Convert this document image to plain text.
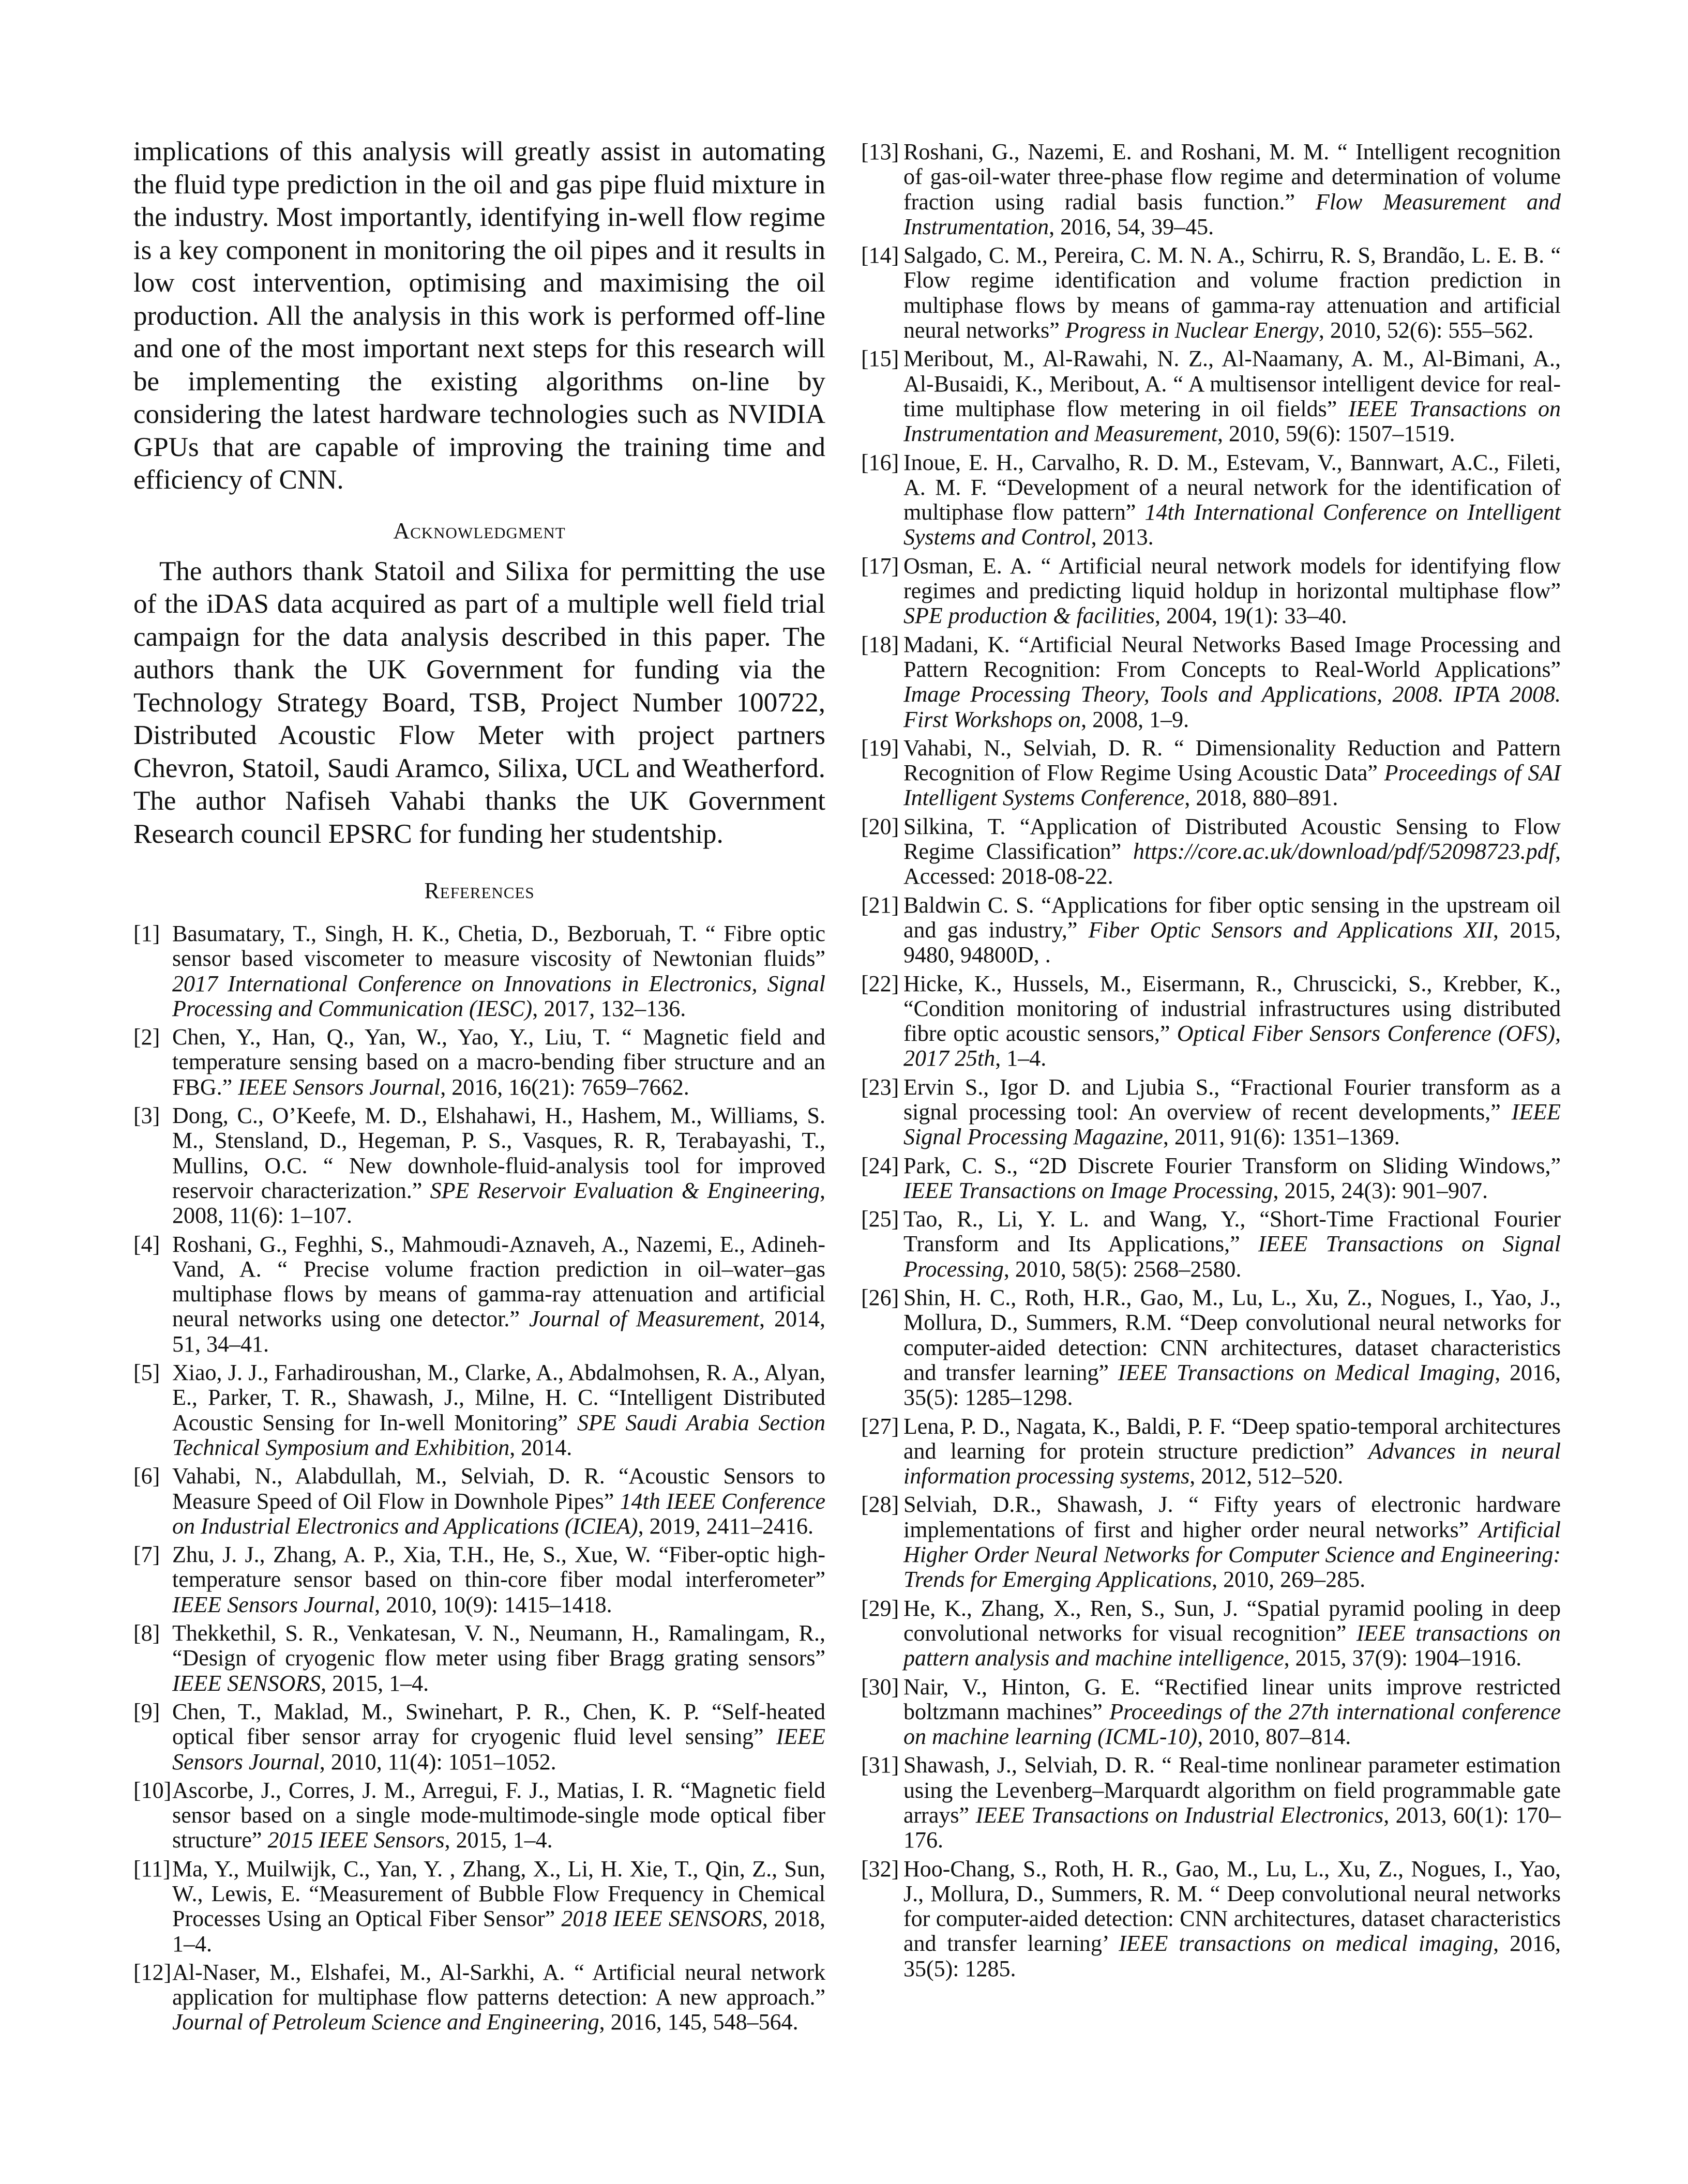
implications of this analysis will greatly assist in automating the fluid type prediction in the oil and gas pipe fluid mixture in the industry. Most importantly, identifying in-well flow regime is a key component in monitoring the oil pipes and it results in low cost intervention, optimising and maximising the oil production. All the analysis in this work is performed off-line and one of the most important next steps for this research will be implementing the existing algorithms on-line by considering the latest hardware technologies such as NVIDIA GPUs that are capable of improving the training time and efficiency of CNN.

Acknowledgment

The authors thank Statoil and Silixa for permitting the use of the iDAS data acquired as part of a multiple well field trial campaign for the data analysis described in this paper. The authors thank the UK Government for funding via the Technology Strategy Board, TSB, Project Number 100722, Distributed Acoustic Flow Meter with project partners Chevron, Statoil, Saudi Aramco, Silixa, UCL and Weatherford. The author Nafiseh Vahabi thanks the UK Government Research council EPSRC for funding her studentship.

References
[1] Basumatary, T., Singh, H. K., Chetia, D., Bezboruah, T. “ Fibre optic sensor based viscometer to measure viscosity of Newtonian fluids” 2017 International Conference on Innovations in Electronics, Signal Processing and Communication (IESC), 2017, 132–136.
[2] Chen, Y., Han, Q., Yan, W., Yao, Y., Liu, T. “ Magnetic field and temperature sensing based on a macro-bending fiber structure and an FBG.” IEEE Sensors Journal, 2016, 16(21): 7659–7662.
[3] Dong, C., O’Keefe, M. D., Elshahawi, H., Hashem, M., Williams, S. M., Stensland, D., Hegeman, P. S., Vasques, R. R, Terabayashi, T., Mullins, O.C. “ New downhole-fluid-analysis tool for improved reservoir characterization.” SPE Reservoir Evaluation & Engineering, 2008, 11(6): 1–107.
[4] Roshani, G., Feghhi, S., Mahmoudi-Aznaveh, A., Nazemi, E., Adineh-Vand, A. “ Precise volume fraction prediction in oil–water–gas multiphase flows by means of gamma-ray attenuation and artificial neural networks using one detector.” Journal of Measurement, 2014, 51, 34–41.
[5] Xiao, J. J., Farhadiroushan, M., Clarke, A., Abdalmohsen, R. A., Alyan, E., Parker, T. R., Shawash, J., Milne, H. C. “Intelligent Distributed Acoustic Sensing for In-well Monitoring” SPE Saudi Arabia Section Technical Symposium and Exhibition, 2014.
[6] Vahabi, N., Alabdullah, M., Selviah, D. R. “Acoustic Sensors to Measure Speed of Oil Flow in Downhole Pipes” 14th IEEE Conference on Industrial Electronics and Applications (ICIEA), 2019, 2411–2416.
[7] Zhu, J. J., Zhang, A. P., Xia, T.H., He, S., Xue, W. “Fiber-optic high-temperature sensor based on thin-core fiber modal interferometer” IEEE Sensors Journal, 2010, 10(9): 1415–1418.
[8] Thekkethil, S. R., Venkatesan, V. N., Neumann, H., Ramalingam, R., “Design of cryogenic flow meter using fiber Bragg grating sensors” IEEE SENSORS, 2015, 1–4.
[9] Chen, T., Maklad, M., Swinehart, P. R., Chen, K. P. “Self-heated optical fiber sensor array for cryogenic fluid level sensing” IEEE Sensors Journal, 2010, 11(4): 1051–1052.
[10] Ascorbe, J., Corres, J. M., Arregui, F. J., Matias, I. R. “Magnetic field sensor based on a single mode-multimode-single mode optical fiber structure” 2015 IEEE Sensors, 2015, 1–4.
[11] Ma, Y., Muilwijk, C., Yan, Y. , Zhang, X., Li, H. Xie, T., Qin, Z., Sun, W., Lewis, E. “Measurement of Bubble Flow Frequency in Chemical Processes Using an Optical Fiber Sensor” 2018 IEEE SENSORS, 2018, 1–4.
[12] Al-Naser, M., Elshafei, M., Al-Sarkhi, A. “ Artificial neural network application for multiphase flow patterns detection: A new approach.” Journal of Petroleum Science and Engineering, 2016, 145, 548–564.
[13] Roshani, G., Nazemi, E. and Roshani, M. M. “ Intelligent recognition of gas-oil-water three-phase flow regime and determination of volume fraction using radial basis function.” Flow Measurement and Instrumentation, 2016, 54, 39–45.
[14] Salgado, C. M., Pereira, C. M. N. A., Schirru, R. S, Brandão, L. E. B. “ Flow regime identification and volume fraction prediction in multiphase flows by means of gamma-ray attenuation and artificial neural networks” Progress in Nuclear Energy, 2010, 52(6): 555–562.
[15] Meribout, M., Al-Rawahi, N. Z., Al-Naamany, A. M., Al-Bimani, A., Al-Busaidi, K., Meribout, A. “ A multisensor intelligent device for real-time multiphase flow metering in oil fields” IEEE Transactions on Instrumentation and Measurement, 2010, 59(6): 1507–1519.
[16] Inoue, E. H., Carvalho, R. D. M., Estevam, V., Bannwart, A.C., Fileti, A. M. F. “Development of a neural network for the identification of multiphase flow pattern” 14th International Conference on Intelligent Systems and Control, 2013.
[17] Osman, E. A. “ Artificial neural network models for identifying flow regimes and predicting liquid holdup in horizontal multiphase flow” SPE production & facilities, 2004, 19(1): 33–40.
[18] Madani, K. “Artificial Neural Networks Based Image Processing and Pattern Recognition: From Concepts to Real-World Applications” Image Processing Theory, Tools and Applications, 2008. IPTA 2008. First Workshops on, 2008, 1–9.
[19] Vahabi, N., Selviah, D. R. “ Dimensionality Reduction and Pattern Recognition of Flow Regime Using Acoustic Data” Proceedings of SAI Intelligent Systems Conference, 2018, 880–891.
[20] Silkina, T. “Application of Distributed Acoustic Sensing to Flow Regime Classification” https://core.ac.uk/download/pdf/52098723.pdf, Accessed: 2018-08-22.
[21] Baldwin C. S. “Applications for fiber optic sensing in the upstream oil and gas industry,” Fiber Optic Sensors and Applications XII, 2015, 9480, 94800D, .
[22] Hicke, K., Hussels, M., Eisermann, R., Chruscicki, S., Krebber, K., “Condition monitoring of industrial infrastructures using distributed fibre optic acoustic sensors,” Optical Fiber Sensors Conference (OFS), 2017 25th, 1–4.
[23] Ervin S., Igor D. and Ljubia S., “Fractional Fourier transform as a signal processing tool: An overview of recent developments,” IEEE Signal Processing Magazine, 2011, 91(6): 1351–1369.
[24] Park, C. S., “2D Discrete Fourier Transform on Sliding Windows,” IEEE Transactions on Image Processing, 2015, 24(3): 901–907.
[25] Tao, R., Li, Y. L. and Wang, Y., “Short-Time Fractional Fourier Transform and Its Applications,” IEEE Transactions on Signal Processing, 2010, 58(5): 2568–2580.
[26] Shin, H. C., Roth, H.R., Gao, M., Lu, L., Xu, Z., Nogues, I., Yao, J., Mollura, D., Summers, R.M. “Deep convolutional neural networks for computer-aided detection: CNN architectures, dataset characteristics and transfer learning” IEEE Transactions on Medical Imaging, 2016, 35(5): 1285–1298.
[27] Lena, P. D., Nagata, K., Baldi, P. F. “Deep spatio-temporal architectures and learning for protein structure prediction” Advances in neural information processing systems, 2012, 512–520.
[28] Selviah, D.R., Shawash, J. “ Fifty years of electronic hardware implementations of first and higher order neural networks” Artificial Higher Order Neural Networks for Computer Science and Engineering: Trends for Emerging Applications, 2010, 269–285.
[29] He, K., Zhang, X., Ren, S., Sun, J. “Spatial pyramid pooling in deep convolutional networks for visual recognition” IEEE transactions on pattern analysis and machine intelligence, 2015, 37(9): 1904–1916.
[30] Nair, V., Hinton, G. E. “Rectified linear units improve restricted boltzmann machines” Proceedings of the 27th international conference on machine learning (ICML-10), 2010, 807–814.
[31] Shawash, J., Selviah, D. R. “ Real-time nonlinear parameter estimation using the Levenberg–Marquardt algorithm on field programmable gate arrays” IEEE Transactions on Industrial Electronics, 2013, 60(1): 170–176.
[32] Hoo-Chang, S., Roth, H. R., Gao, M., Lu, L., Xu, Z., Nogues, I., Yao, J., Mollura, D., Summers, R. M. “ Deep convolutional neural networks for computer-aided detection: CNN architectures, dataset characteristics and transfer learning’ IEEE transactions on medical imaging, 2016, 35(5): 1285.
